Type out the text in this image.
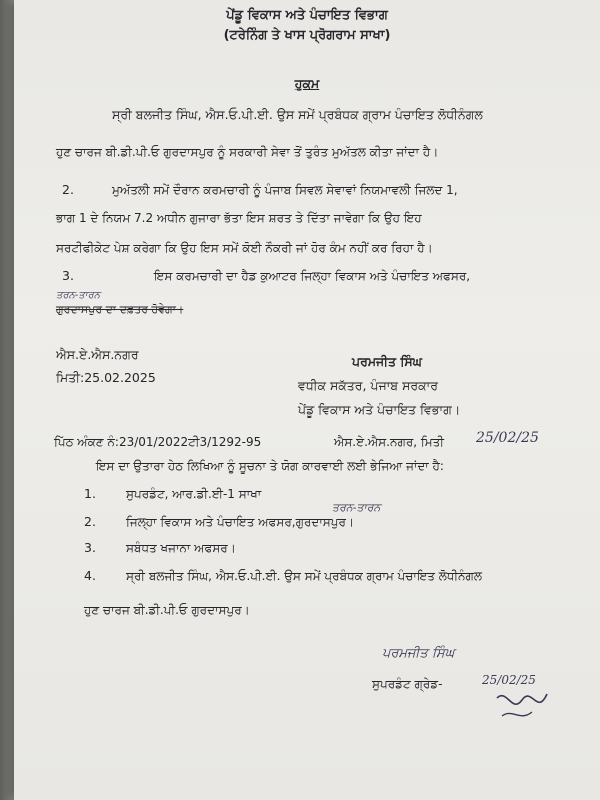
ਪੇਂਡੂ ਵਿਕਾਸ ਅਤੇ ਪੰਚਾਇਤ ਵਿਭਾਗ
(ਟਰੇਨਿੰਗ ਤੇ ਖਾਸ ਪ੍ਰੋਗਰਾਮ ਸਾਖਾ)
ਹੁਕਮ
ਸ੍ਰੀ ਬਲਜੀਤ ਸਿੰਘ, ਐਸ.ਓ.ਪੀ.ਈ. ਉਸ ਸਮੇਂ ਪ੍ਰਬੰਧਕ ਗ੍ਰਾਮ ਪੰਚਾਇਤ ਲੋਧੀਨੰਗਲ
ਹੁਣ ਚਾਰਜ ਬੀ.ਡੀ.ਪੀ.ਓ ਗੁਰਦਾਸਪੁਰ ਨੂੰ ਸਰਕਾਰੀ ਸੇਵਾ ਤੋਂ ਤੁਰੰਤ ਮੁਅੱਤਲ ਕੀਤਾ ਜਾਂਦਾ ਹੈ।
2.	ਮੁਅੱਤਲੀ ਸਮੇਂ ਦੌਰਾਨ ਕਰਮਚਾਰੀ ਨੂੰ ਪੰਜਾਬ ਸਿਵਲ ਸੇਵਾਵਾਂ ਨਿਯਮਾਵਲੀ ਜਿਲਦ 1,
ਭਾਗ 1 ਦੇ ਨਿਯਮ 7.2 ਅਧੀਨ ਗੁਜਾਰਾ ਭੱਤਾ ਇਸ ਸ਼ਰਤ ਤੇ ਦਿੱਤਾ ਜਾਵੇਗਾ ਕਿ ਉਹ ਇਹ
ਸਰਟੀਫੀਕੇਟ ਪੇਸ਼ ਕਰੇਗਾ ਕਿ ਉਹ ਇਸ ਸਮੇਂ ਕੋਈ ਨੌਕਰੀ ਜਾਂ ਹੋਰ ਕੰਮ ਨਹੀਂ ਕਰ ਰਿਹਾ ਹੈ।
3.	ਇਸ ਕਰਮਚਾਰੀ ਦਾ ਹੈਡ ਕੁਆਟਰ ਜਿਲ੍ਹਾ ਵਿਕਾਸ ਅਤੇ ਪੰਚਾਇਤ ਅਫਸਰ,
ਤਰਨ-ਤਾਰਨ
ਗੁਰਦਾਸਪੁਰ ਦਾ ਦਫ਼ਤਰ ਹੋਵੇਗਾ।
ਐਸ.ਏ.ਐਸ.ਨਗਰ
ਮਿਤੀ:25.02.2025
ਪਰਮਜੀਤ ਸਿੰਘ
ਵਧੀਕ ਸਕੱਤਰ, ਪੰਜਾਬ ਸਰਕਾਰ
ਪੇਂਡੂ ਵਿਕਾਸ ਅਤੇ ਪੰਚਾਇਤ ਵਿਭਾਗ।
ਪਿੱਠ ਅੰਕਣ ਨੰ:23/01/2022ਟੀ3/1292-95	ਐਸ.ਏ.ਐਸ.ਨਗਰ, ਮਿਤੀ 25/02/25
ਇਸ ਦਾ ਉਤਾਰਾ ਹੇਠ ਲਿਖਿਆ ਨੂੰ ਸੂਚਨਾ ਤੇ ਯੋਗ ਕਾਰਵਾਈ ਲਈ ਭੇਜਿਆ ਜਾਂਦਾ ਹੈ:
1.	ਸੁਪਰਡੰਟ, ਆਰ.ਡੀ.ਈ-1 ਸਾਖਾ
ਤਰਨ-ਤਾਰਨ
2.	ਜਿਲ੍ਹਾ ਵਿਕਾਸ ਅਤੇ ਪੰਚਾਇਤ ਅਫਸਰ,ਗੁਰਦਾਸਪੁਰ।
3.	ਸਬੰਧਤ ਖਜਾਨਾ ਅਫਸਰ।
4.	ਸ੍ਰੀ ਬਲਜੀਤ ਸਿੰਘ, ਐਸ.ਓ.ਪੀ.ਈ. ਉਸ ਸਮੇਂ ਪ੍ਰਬੰਧਕ ਗ੍ਰਾਮ ਪੰਚਾਇਤ ਲੋਧੀਨੰਗਲ
ਹੁਣ ਚਾਰਜ ਬੀ.ਡੀ.ਪੀ.ਓ ਗੁਰਦਾਸਪੁਰ।
ਪਰਮਜੀਤ ਸਿੰਘ
ਸੁਪਰਡੰਟ ਗ੍ਰੇਡ-	25/02/25
